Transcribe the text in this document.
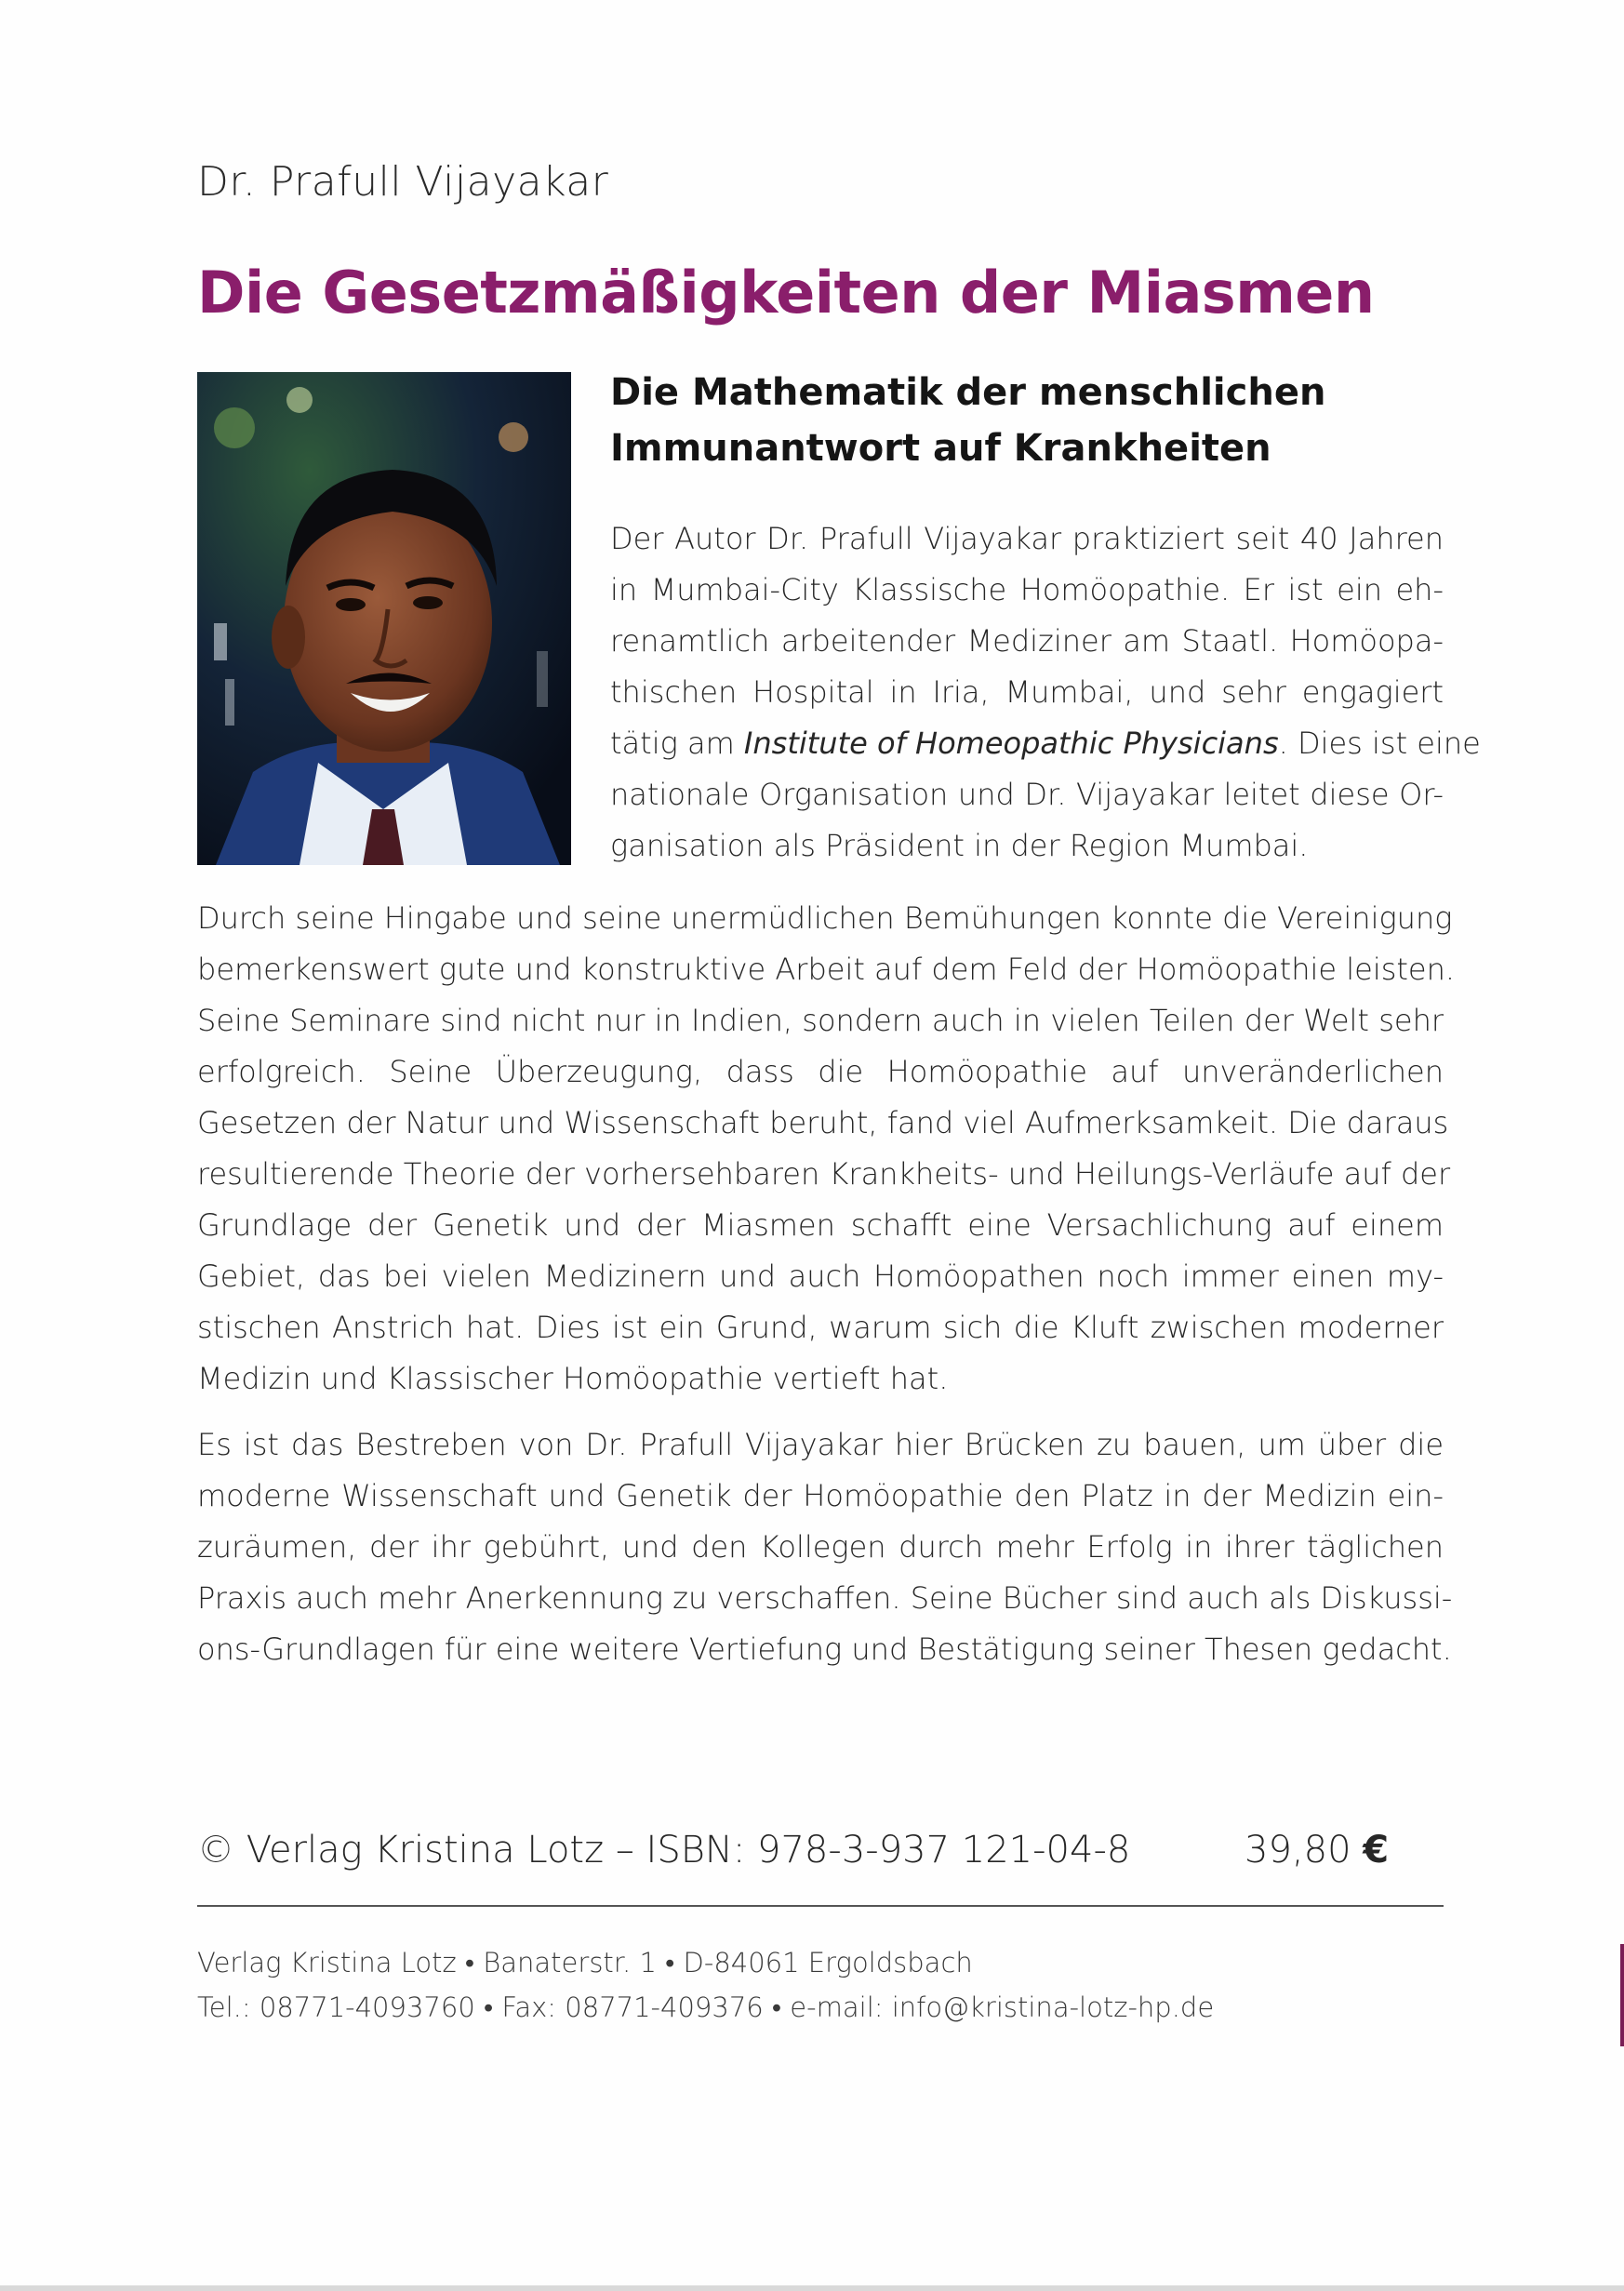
Dr. Prafull Vijayakar
Die Gesetzmäßigkeiten der Miasmen
Die Mathematik der menschlichen
Immunantwort auf Krankheiten
Der Autor Dr. Prafull Vijayakar praktiziert seit 40 Jahren
in Mumbai-City Klassische Homöopathie. Er ist ein eh-
renamtlich arbeitender Mediziner am Staatl. Homöopa-
thischen Hospital in Iria, Mumbai, und sehr engagiert
tätig am Institute of Homeopathic Physicians. Dies ist eine
nationale Organisation und Dr. Vijayakar leitet diese Or-
ganisation als Präsident in der Region Mumbai.
Durch seine Hingabe und seine unermüdlichen Bemühungen konnte die Vereinigung
bemerkenswert gute und konstruktive Arbeit auf dem Feld der Homöopathie leisten.
Seine Seminare sind nicht nur in Indien, sondern auch in vielen Teilen der Welt sehr
erfolgreich. Seine Überzeugung, dass die Homöopathie auf unveränderlichen
Gesetzen der Natur und Wissenschaft beruht, fand viel Aufmerksamkeit. Die daraus
resultierende Theorie der vorhersehbaren Krankheits- und Heilungs-Verläufe auf der
Grundlage der Genetik und der Miasmen schafft eine Versachlichung auf einem
Gebiet, das bei vielen Medizinern und auch Homöopathen noch immer einen my-
stischen Anstrich hat. Dies ist ein Grund, warum sich die Kluft zwischen moderner
Medizin und Klassischer Homöopathie vertieft hat.
Es ist das Bestreben von Dr. Prafull Vijayakar hier Brücken zu bauen, um über die
moderne Wissenschaft und Genetik der Homöopathie den Platz in der Medizin ein-
zuräumen, der ihr gebührt, und den Kollegen durch mehr Erfolg in ihrer täglichen
Praxis auch mehr Anerkennung zu verschaffen. Seine Bücher sind auch als Diskussi-
ons-Grundlagen für eine weitere Vertiefung und Bestätigung seiner Thesen gedacht.
© Verlag Kristina Lotz – ISBN: 978-3-937 121-04-8	39,80 €
Verlag Kristina Lotz • Banaterstr. 1 • D-84061 Ergoldsbach
Tel.: 08771-4093760 • Fax: 08771-409376 • e-mail: info@kristina-lotz-hp.de
